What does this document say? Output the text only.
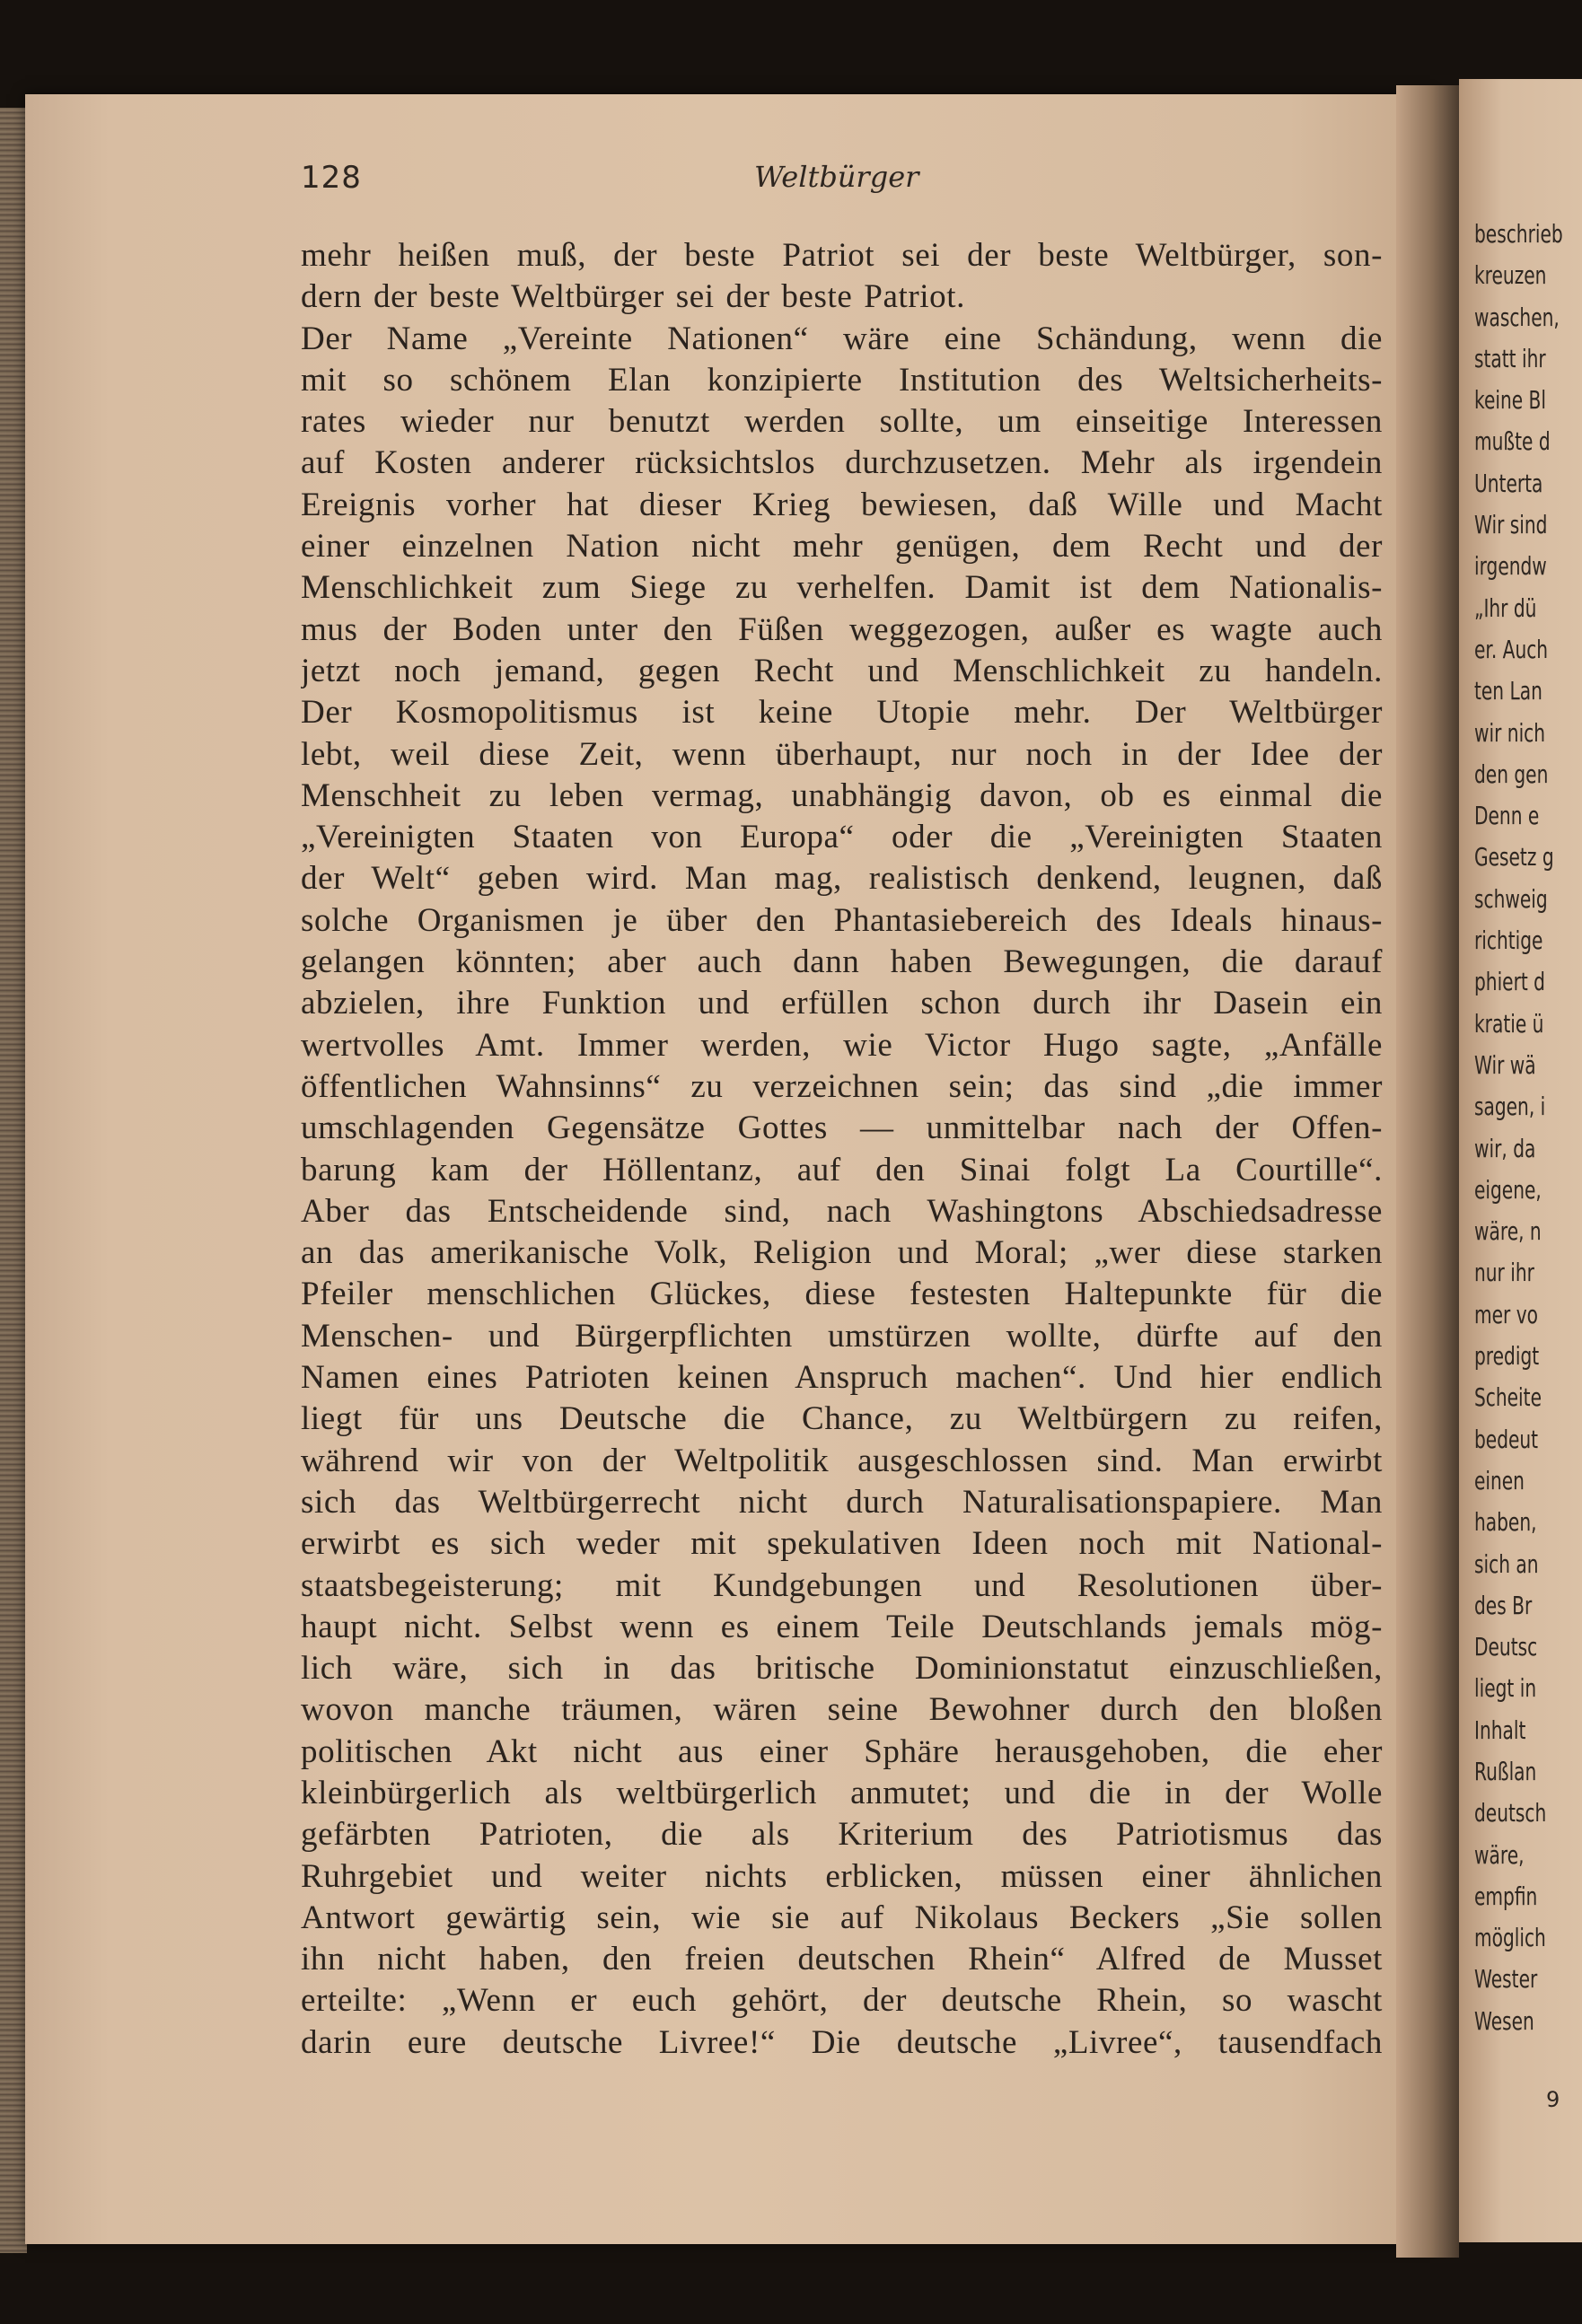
128	Weltbürger
mehr heißen muß, der beste Patriot sei der beste Weltbürger, son-
dern der beste Weltbürger sei der beste Patriot.
Der Name „Vereinte Nationen“ wäre eine Schändung, wenn die
mit so schönem Elan konzipierte Institution des Weltsicherheits-
rates wieder nur benutzt werden sollte, um einseitige Interessen
auf Kosten anderer rücksichtslos durchzusetzen. Mehr als irgendein
Ereignis vorher hat dieser Krieg bewiesen, daß Wille und Macht
einer einzelnen Nation nicht mehr genügen, dem Recht und der
Menschlichkeit zum Siege zu verhelfen. Damit ist dem Nationalis-
mus der Boden unter den Füßen weggezogen, außer es wagte auch
jetzt noch jemand, gegen Recht und Menschlichkeit zu handeln.
Der Kosmopolitismus ist keine Utopie mehr. Der Weltbürger
lebt, weil diese Zeit, wenn überhaupt, nur noch in der Idee der
Menschheit zu leben vermag, unabhängig davon, ob es einmal die
„Vereinigten Staaten von Europa“ oder die „Vereinigten Staaten
der Welt“ geben wird. Man mag, realistisch denkend, leugnen, daß
solche Organismen je über den Phantasiebereich des Ideals hinaus-
gelangen könnten; aber auch dann haben Bewegungen, die darauf
abzielen, ihre Funktion und erfüllen schon durch ihr Dasein ein
wertvolles Amt. Immer werden, wie Victor Hugo sagte, „Anfälle
öffentlichen Wahnsinns“ zu verzeichnen sein; das sind „die immer
umschlagenden Gegensätze Gottes — unmittelbar nach der Offen-
barung kam der Höllentanz, auf den Sinai folgt La Courtille“.
Aber das Entscheidende sind, nach Washingtons Abschiedsadresse
an das amerikanische Volk, Religion und Moral; „wer diese starken
Pfeiler menschlichen Glückes, diese festesten Haltepunkte für die
Menschen- und Bürgerpflichten umstürzen wollte, dürfte auf den
Namen eines Patrioten keinen Anspruch machen“. Und hier endlich
liegt für uns Deutsche die Chance, zu Weltbürgern zu reifen,
während wir von der Weltpolitik ausgeschlossen sind. Man erwirbt
sich das Weltbürgerrecht nicht durch Naturalisationspapiere. Man
erwirbt es sich weder mit spekulativen Ideen noch mit National-
staatsbegeisterung; mit Kundgebungen und Resolutionen über-
haupt nicht. Selbst wenn es einem Teile Deutschlands jemals mög-
lich wäre, sich in das britische Dominionstatut einzuschließen,
wovon manche träumen, wären seine Bewohner durch den bloßen
politischen Akt nicht aus einer Sphäre herausgehoben, die eher
kleinbürgerlich als weltbürgerlich anmutet; und die in der Wolle
gefärbten Patrioten, die als Kriterium des Patriotismus das
Ruhrgebiet und weiter nichts erblicken, müssen einer ähnlichen
Antwort gewärtig sein, wie sie auf Nikolaus Beckers „Sie sollen
ihn nicht haben, den freien deutschen Rhein“ Alfred de Musset
erteilte: „Wenn er euch gehört, der deutsche Rhein, so wascht
darin eure deutsche Livree!“ Die deutsche „Livree“, tausendfach
beschrieb
kreuzen
waschen,
statt ihr
keine Bl
mußte d
Unterta
Wir sind
irgendw
„Ihr dü
er. Auch
ten Lan
wir nich
den gen
Denn e
Gesetz g
schweig
richtige
phiert d
kratie ü
Wir wä
sagen, i
wir, da
eigene,
wäre, n
nur ihr
mer vo
predigt
Scheite
bedeut
einen
haben,
sich an
des Br
Deutsc
liegt in
Inhalt
Rußlan
deutsch
wäre,
empfin
möglich
Wester
Wesen
9
